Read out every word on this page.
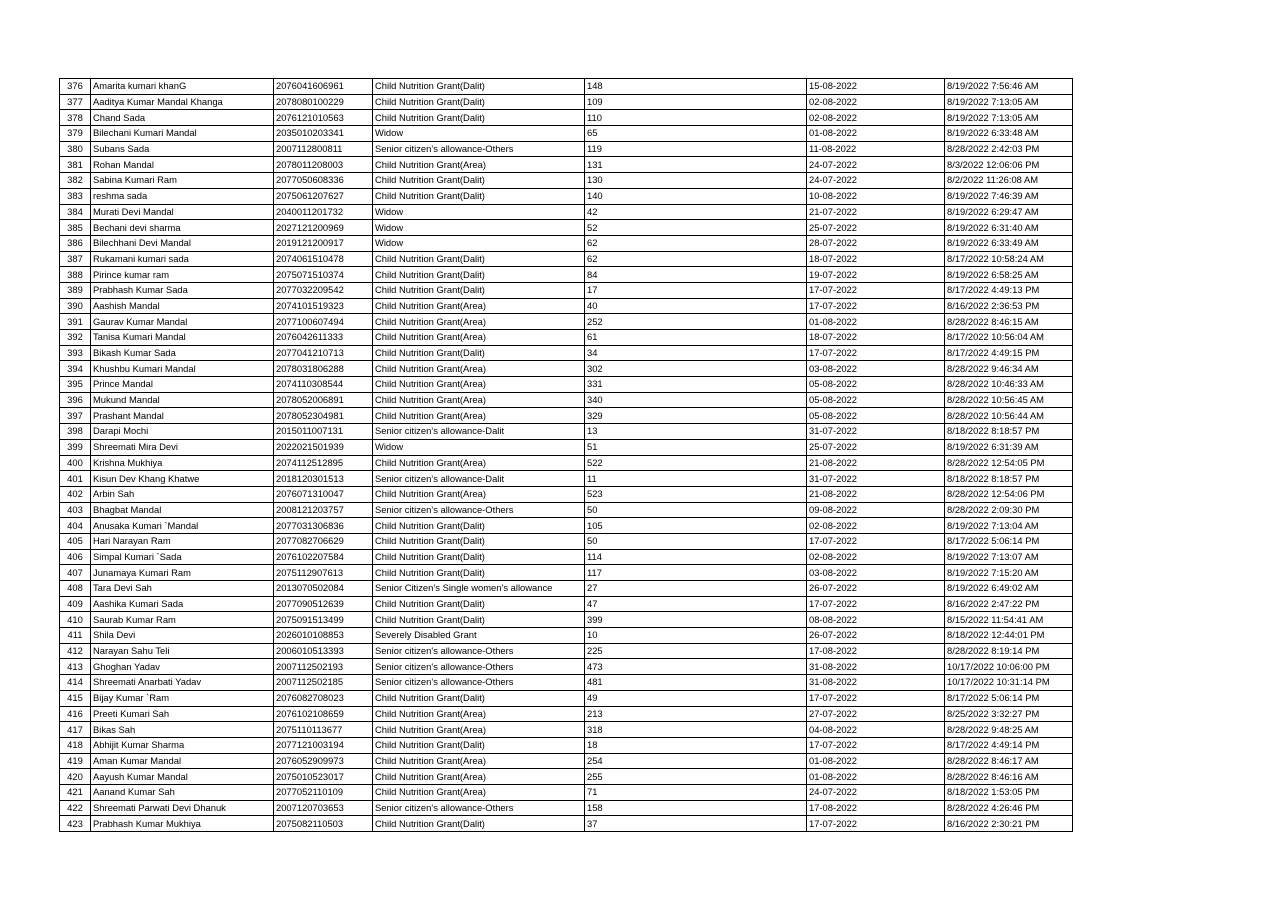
376	Amarita kumari khanG	2076041606961	Child Nutrition Grant(Dalit)	148	15-08-2022	8/19/2022 7:56:46 AM
377	Aaditya Kumar Mandal Khanga	2078080100229	Child Nutrition Grant(Dalit)	109	02-08-2022	8/19/2022 7:13:05 AM
378	Chand Sada	2076121010563	Child Nutrition Grant(Dalit)	110	02-08-2022	8/19/2022 7:13:05 AM
379	Bilechani Kumari Mandal	2035010203341	Widow	65	01-08-2022	8/19/2022 6:33:48 AM
380	Subans Sada	2007112800811	Senior citizen’s allowance-Others	119	11-08-2022	8/28/2022 2:42:03 PM
381	Rohan Mandal	2078011208003	Child Nutrition Grant(Area)	131	24-07-2022	8/3/2022 12:06:06 PM
382	Sabina Kumari Ram	2077050608336	Child Nutrition Grant(Dalit)	130	24-07-2022	8/2/2022 11:26:08 AM
383	reshma sada	2075061207627	Child Nutrition Grant(Dalit)	140	10-08-2022	8/19/2022 7:46:39 AM
384	Murati Devi Mandal	2040011201732	Widow	42	21-07-2022	8/19/2022 6:29:47 AM
385	Bechani devi sharma	2027121200969	Widow	52	25-07-2022	8/19/2022 6:31:40 AM
386	Bilechhani Devi Mandal	2019121200917	Widow	62	28-07-2022	8/19/2022 6:33:49 AM
387	Rukamani kumari sada	2074061510478	Child Nutrition Grant(Dalit)	62	18-07-2022	8/17/2022 10:58:24 AM
388	Pirince kumar ram	2075071510374	Child Nutrition Grant(Dalit)	84	19-07-2022	8/19/2022 6:58:25 AM
389	Prabhash Kumar Sada	2077032209542	Child Nutrition Grant(Dalit)	17	17-07-2022	8/17/2022 4:49:13 PM
390	Aashish Mandal	2074101519323	Child Nutrition Grant(Area)	40	17-07-2022	8/16/2022 2:36:53 PM
391	Gaurav Kumar Mandal	2077100607494	Child Nutrition Grant(Area)	252	01-08-2022	8/28/2022 8:46:15 AM
392	Tanisa Kumari Mandal	2076042611333	Child Nutrition Grant(Area)	61	18-07-2022	8/17/2022 10:56:04 AM
393	Bikash Kumar Sada	2077041210713	Child Nutrition Grant(Dalit)	34	17-07-2022	8/17/2022 4:49:15 PM
394	Khushbu Kumari Mandal	2078031806288	Child Nutrition Grant(Area)	302	03-08-2022	8/28/2022 9:46:34 AM
395	Prince Mandal	2074110308544	Child Nutrition Grant(Area)	331	05-08-2022	8/28/2022 10:46:33 AM
396	Mukund Mandal	2078052006891	Child Nutrition Grant(Area)	340	05-08-2022	8/28/2022 10:56:45 AM
397	Prashant Mandal	2078052304981	Child Nutrition Grant(Area)	329	05-08-2022	8/28/2022 10:56:44 AM
398	Darapi Mochi	2015011007131	Senior citizen’s allowance-Dalit	13	31-07-2022	8/18/2022 8:18:57 PM
399	Shreemati Mira Devi	2022021501939	Widow	51	25-07-2022	8/19/2022 6:31:39 AM
400	Krishna Mukhiya	2074112512895	Child Nutrition Grant(Area)	522	21-08-2022	8/28/2022 12:54:05 PM
401	Kisun Dev Khang Khatwe	2018120301513	Senior citizen’s allowance-Dalit	11	31-07-2022	8/18/2022 8:18:57 PM
402	Arbin Sah	2076071310047	Child Nutrition Grant(Area)	523	21-08-2022	8/28/2022 12:54:06 PM
403	Bhagbat Mandal	2008121203757	Senior citizen’s allowance-Others	50	09-08-2022	8/28/2022 2:09:30 PM
404	Anusaka Kumari `Mandal	2077031306836	Child Nutrition Grant(Dalit)	105	02-08-2022	8/19/2022 7:13:04 AM
405	Hari Narayan Ram	2077082706629	Child Nutrition Grant(Dalit)	50	17-07-2022	8/17/2022 5:06:14 PM
406	Simpal Kumari `Sada	2076102207584	Child Nutrition Grant(Dalit)	114	02-08-2022	8/19/2022 7:13:07 AM
407	Junamaya Kumari Ram	2075112907613	Child Nutrition Grant(Dalit)	117	03-08-2022	8/19/2022 7:15:20 AM
408	Tara Devi Sah	2013070502084	Senior Citizen’s Single women’s allowance	27	26-07-2022	8/19/2022 6:49:02 AM
409	Aashika Kumari Sada	2077090512639	Child Nutrition Grant(Dalit)	47	17-07-2022	8/16/2022 2:47:22 PM
410	Saurab Kumar Ram	2075091513499	Child Nutrition Grant(Dalit)	399	08-08-2022	8/15/2022 11:54:41 AM
411	Shila Devi	2026010108853	Severely Disabled Grant	10	26-07-2022	8/18/2022 12:44:01 PM
412	Narayan Sahu Teli	2006010513393	Senior citizen’s allowance-Others	225	17-08-2022	8/28/2022 8:19:14 PM
413	Ghoghan Yadav	2007112502193	Senior citizen’s allowance-Others	473	31-08-2022	10/17/2022 10:06:00 PM
414	Shreemati Anarbati Yadav	2007112502185	Senior citizen’s allowance-Others	481	31-08-2022	10/17/2022 10:31:14 PM
415	Bijay Kumar `Ram	2076082708023	Child Nutrition Grant(Dalit)	49	17-07-2022	8/17/2022 5:06:14 PM
416	Preeti Kumari Sah	2076102108659	Child Nutrition Grant(Area)	213	27-07-2022	8/25/2022 3:32:27 PM
417	Bikas Sah	2075110113677	Child Nutrition Grant(Area)	318	04-08-2022	8/28/2022 9:48:25 AM
418	Abhijit Kumar Sharma	2077121003194	Child Nutrition Grant(Dalit)	18	17-07-2022	8/17/2022 4:49:14 PM
419	Aman Kumar Mandal	2076052909973	Child Nutrition Grant(Area)	254	01-08-2022	8/28/2022 8:46:17 AM
420	Aayush Kumar Mandal	2075010523017	Child Nutrition Grant(Area)	255	01-08-2022	8/28/2022 8:46:16 AM
421	Aanand Kumar Sah	2077052110109	Child Nutrition Grant(Area)	71	24-07-2022	8/18/2022 1:53:05 PM
422	Shreemati Parwati Devi Dhanuk	2007120703653	Senior citizen’s allowance-Others	158	17-08-2022	8/28/2022 4:26:46 PM
423	Prabhash Kumar Mukhiya	2075082110503	Child Nutrition Grant(Dalit)	37	17-07-2022	8/16/2022 2:30:21 PM
